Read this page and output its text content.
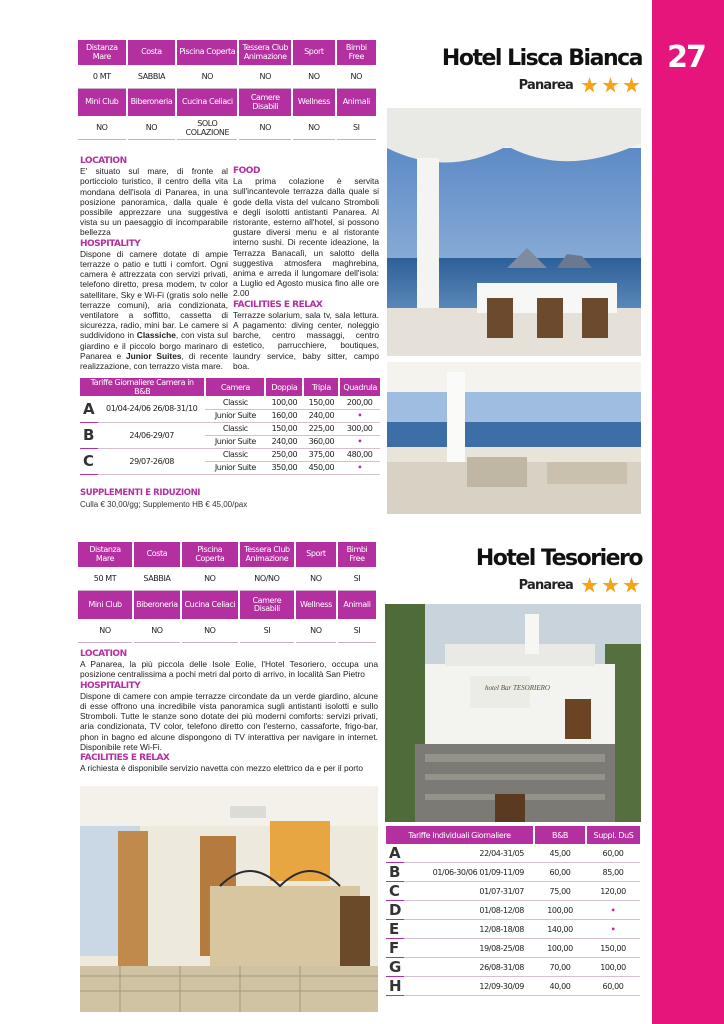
27
Distanza Mare	Costa	Piscina Coperta	Tessera Club Animazione	Sport	Bimbi Free
0 MT	SABBIA	NO	NO	NO	NO
Mini Club	Biberoneria	Cucina Celiaci	Camere Disabili	Wellness	Animali
NO	NO	SOLO COLAZIONE	NO	NO	SI
Hotel Lisca Bianca
Panarea
LOCATION
E' situato sul mare, di fronte al porticciolo turistico, il centro della vita mondana dell'isola di Panarea, in una posizione panoramica, dalla quale è possibile apprezzare una suggestiva vista su un paesaggio di incomparabile bellezza
HOSPITALITY
Dispone di camere dotate di ampie terrazze o patio e tutti i comfort. Ogni camera è attrezzata con servizi privati, telefono diretto, presa modem, tv color satellitare, Sky e Wi-Fi (gratis solo nelle terrazze comuni), aria condizionata, ventilatore a soffitto, cassetta di sicurezza, radio, mini bar. Le camere si suddividono in Classiche, con vista sul giardino e il piccolo borgo marinaro di Panarea e Junior Suites, di recente realizzazione, con terrazzo vista mare.
FOOD
La prima colazione è servita sull'incantevole terrazza dalla quale si gode della vista del vulcano Stromboli e degli isolotti antistanti Panarea. Al ristorante, esterno all'hotel, si possono gustare diversi menu e al ristorante interno sushi. Di recente ideazione, la Terrazza Banacalì, un salotto della suggestiva atmosfera maghrebina, anima e arreda il lungomare dell'isola: a Luglio ed Agosto musica fino alle ore 2.00
FACILITIES E RELAX
Terrazze solarium, sala tv, sala lettura. A pagamento: diving center, noleggio barche, centro massaggi, centro estetico, parrucchiere, boutiques, laundry service, baby sitter, campo boa.
Tariffe Giornaliere Camera in B&B		Camera	Doppia	Tripla	Quadrula
A	01/04-24/06 26/08-31/10	Classic	100,00	150,00	200,00
		Junior Suite	160,00	240,00	•
B	24/06-29/07	Classic	150,00	225,00	300,00
		Junior Suite	240,00	360,00	•
C	29/07-26/08	Classic	250,00	375,00	480,00
		Junior Suite	350,00	450,00	•
SUPPLEMENTI E RIDUZIONI
Culla € 30,00/gg; Supplemento HB € 45,00/pax
Distanza Mare	Costa	Piscina Coperta	Tessera Club Animazione	Sport	Bimbi Free
50 MT	SABBIA	NO	NO/NO	NO	SI
Mini Club	Biberoneria	Cucina Celiaci	Camere Disabili	Wellness	Animali
NO	NO	NO	SI	NO	SI
Hotel Tesoriero
Panarea
LOCATION
A Panarea, la più piccola delle Isole Eolie, l'Hotel Tesoriero, occupa una posizione centralissima a pochi metri dal porto di arrivo, in località San Pietro
HOSPITALITY
Dispone di camere con ampie terrazze circondate da un verde giardino, alcune di esse offrono una incredibile vista panoramica sugli antistanti isolotti e sullo Stromboli. Tutte le stanze sono dotate dei più moderni comforts: servizi privati, aria condizionata, TV color, telefono diretto con l'esterno, cassaforte, frigo-bar, phon in bagno ed alcune dispongono di TV interattiva per navigare in internet. Disponibile rete Wi-Fi.
FACILITIES E RELAX
A richiesta è disponibile servizio navetta con mezzo elettrico da e per il porto
hotel Bar TESORIERO
Tariffe Individuali Giornaliere		B&B	Suppl. DuS
A	22/04-31/05	45,00	60,00
B	01/06-30/06 01/09-11/09	60,00	85,00
C	01/07-31/07	75,00	120,00
D	01/08-12/08	100,00	•
E	12/08-18/08	140,00	•
F	19/08-25/08	100,00	150,00
G	26/08-31/08	70,00	100,00
H	12/09-30/09	40,00	60,00
